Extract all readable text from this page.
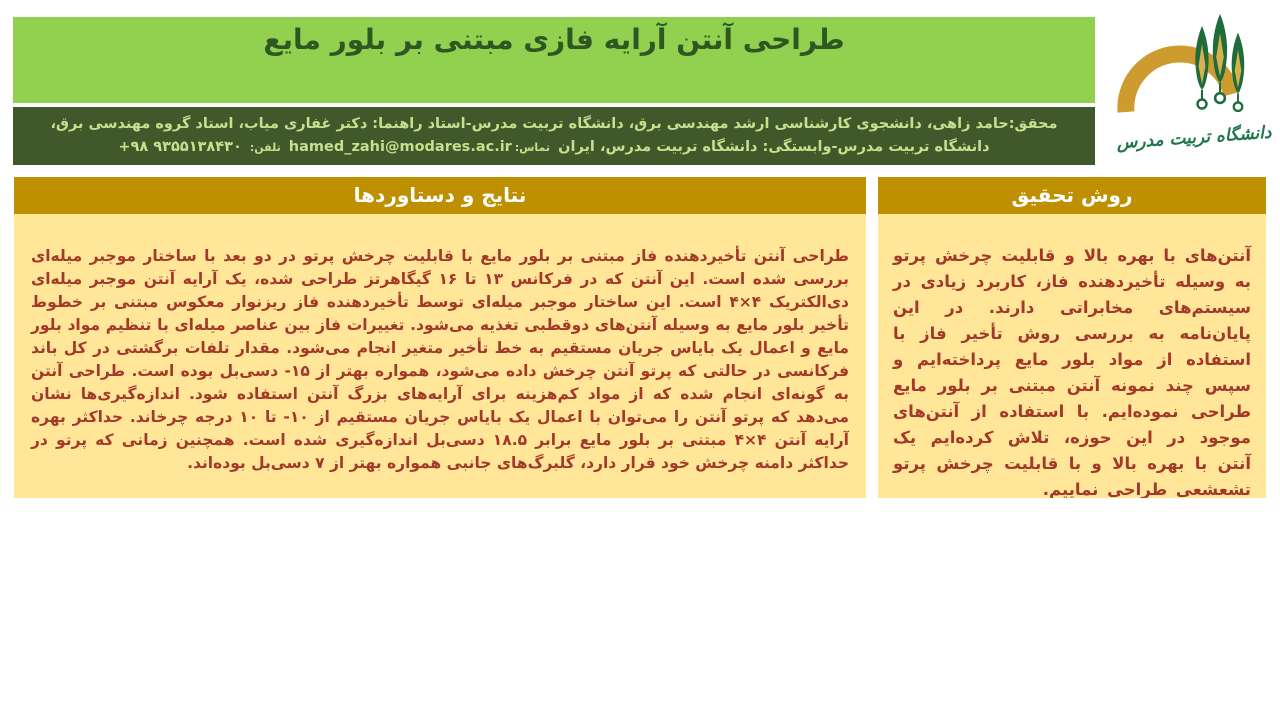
طراحی آنتن آرایه فازی مبتنی بر بلور مایع
محقق:حامد زاهی، دانشجوی کارشناسی ارشد مهندسی برق، دانشگاه تربیت مدرس-استاد راهنما: دکتر غفاری میاب، استاد گروه مهندسی برق،
دانشگاه تربیت مدرس-وابستگی: دانشگاه تربیت مدرس، ایران تماس:hamed_zahi@modares.ac.ir تلفن: +۹۸ ۹۳۵۵۱۳۸۴۳۰	دانشگاه تربیت مدرس
نتایج و دستاوردها
طراحی آنتن تأخیردهنده فاز مبتنی بر بلور مایع با قابلیت چرخش پرتو در دو بعد با ساختار موجبر میله‌ای بررسی شده است. این آنتن که در فرکانس ۱۳ تا ۱۶ گیگاهرتز طراحی شده، یک آرایه آنتن موجبر میله‌ای دی‌الکتریک ۴×۴ است. این ساختار موجبر میله‌ای توسط تأخیردهنده فاز ریزنوار معکوس مبتنی بر خطوط تأخیر بلور مایع به وسیله آنتن‌های دوقطبی تغذیه می‌شود. تغییرات فاز بین عناصر میله‌ای با تنظیم مواد بلور مایع و اعمال یک بایاس جریان مستقیم به خط تأخیر متغیر انجام می‌شود. مقدار تلفات برگشتی در کل باند فرکانسی در حالتی که پرتو آنتن چرخش داده می‌شود، همواره بهتر از ۱۵- دسی‌بل بوده است. طراحی آنتن به گونه‌ای انجام شده که از مواد کم‌هزینه برای آرایه‌های بزرگ آنتن استفاده شود. اندازه‌گیری‌ها نشان می‌دهد که پرتو آنتن را می‌توان با اعمال یک بایاس جریان مستقیم از ۱۰- تا ۱۰ درجه چرخاند. حداکثر بهره آرایه آنتن ۴×۴ مبتنی بر بلور مایع برابر ۱۸.۵ دسی‌بل اندازه‌گیری شده است. همچنین زمانی که پرتو در حداکثر دامنه چرخش خود قرار دارد، گلبرگ‌های جانبی همواره بهتر از ۷ دسی‌بل بوده‌اند.
روش تحقیق
آنتن‌های با بهره بالا و قابلیت چرخش پرتو به وسیله تأخیردهنده فاز، کاربرد زیادی در سیستم‌های مخابراتی دارند. در این پایان‌نامه به بررسی روش تأخیر فاز با استفاده از مواد بلور مایع پرداخته‌ایم و سپس چند نمونه آنتن مبتنی بر بلور مایع طراحی نموده‌ایم. با استفاده از آنتن‌های موجود در این حوزه، تلاش کرده‌ایم یک آنتن با بهره بالا و با قابلیت چرخش پرتو تشعشعی طراحی نماییم.
